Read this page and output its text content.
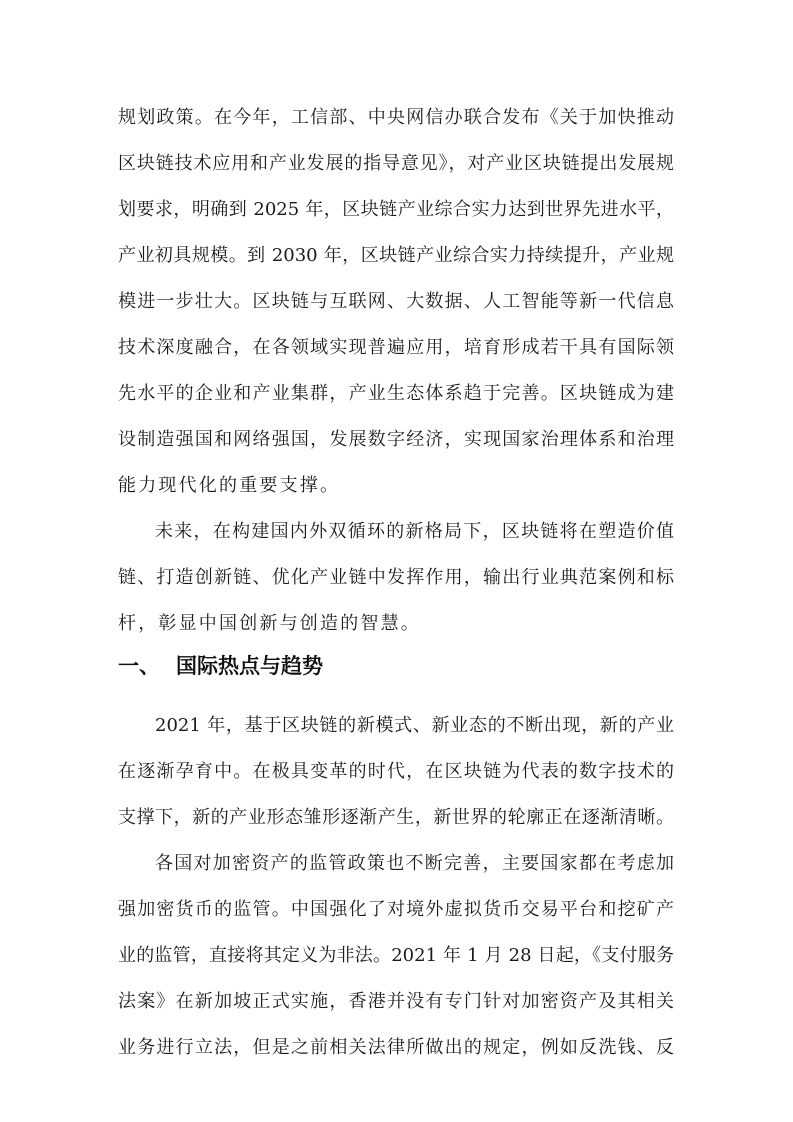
规划政策。在今年，工信部、中央网信办联合发布《关于加快推动
区块链技术应用和产业发展的指导意见》，对产业区块链提出发展规
划要求，明确到 2025 年，区块链产业综合实力达到世界先进水平，
产业初具规模。到 2030 年，区块链产业综合实力持续提升，产业规
模进一步壮大。区块链与互联网、大数据、人工智能等新一代信息
技术深度融合，在各领域实现普遍应用，培育形成若干具有国际领
先水平的企业和产业集群，产业生态体系趋于完善。区块链成为建
设制造强国和网络强国，发展数字经济，实现国家治理体系和治理
能力现代化的重要支撑。
未来，在构建国内外双循环的新格局下，区块链将在塑造价值
链、打造创新链、优化产业链中发挥作用，输出行业典范案例和标
杆，彰显中国创新与创造的智慧。
一、 国际热点与趋势
2021 年，基于区块链的新模式、新业态的不断出现，新的产业
在逐渐孕育中。在极具变革的时代，在区块链为代表的数字技术的
支撑下，新的产业形态雏形逐渐产生，新世界的轮廓正在逐渐清晰。
各国对加密资产的监管政策也不断完善，主要国家都在考虑加
强加密货币的监管。中国强化了对境外虚拟货币交易平台和挖矿产
业的监管，直接将其定义为非法。2021 年 1 月 28 日起，《支付服务
法案》在新加坡正式实施，香港并没有专门针对加密资产及其相关
业务进行立法，但是之前相关法律所做出的规定，例如反洗钱、反
